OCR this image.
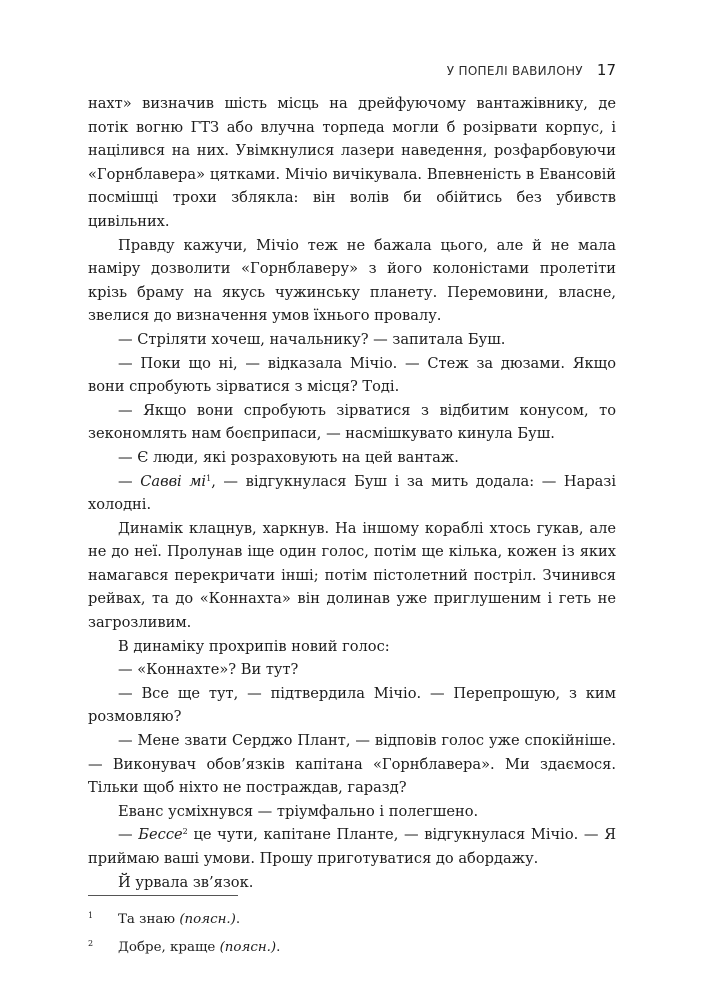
У ПОПЕЛІ ВАВИЛОНУ 17

нахт» визначив шість місць на дрейфуючому вантажівнику, де потік вогню ГТЗ або влучна торпеда могли б розірвати корпус, і націлився на них. Увімкнулися лазери наведення, розфарбовуючи «Горнблавера» цятками. Мічіо вичікувала. Впевненість в Евансовій посмішці трохи зблякла: він волів би обійтись без убивств цивільних.

Правду кажучи, Мічіо теж не бажала цього, але й не мала наміру дозволити «Горнблаверу» з його колоністами пролетіти крізь браму на якусь чужинську планету. Перемовини, власне, звелися до визначення умов їхнього провалу.

— Стріляти хочеш, начальнику? — запитала Буш.

— Поки що ні, — відказала Мічіо. — Стеж за дюзами. Якщо вони спробують зірватися з місця? Тоді.

— Якщо вони спробують зірватися з відбитим конусом, то зекономлять нам боєприпаси, — насмішкувато кинула Буш.

— Є люди, які розраховують на цей вантаж.

— Савві $мі^1$, — відгукнулася Буш і за мить додала: — Наразі холодні.

Динамік клацнув, харкнув. На іншому кораблі хтось гукав, але не до неї. Пролунав іще один голос, потім ще кілька, кожен із яких намагався перекричати інші; потім пістолетний постріл. Зчинився рейвах, та до «Коннахта» він долинав уже приглушеним і геть не загрозливим.

В динаміку прохрипів новий голос:

— «Коннахте»? Ви тут?

— Все ще тут, — підтвердила Мічіо. — Перепрошую, з ким розмовляю?

— Мене звати Серджо Плант, — відповів голос уже спокійніше. — Виконувач обов’язків капітана «Горнблавера». Ми здаємося. Тільки щоб ніхто не постраждав, гаразд?

Еванс усміхнувся — тріумфально і полегшено.

— Бессе$^2$ це чути, капітане Планте, — відгукнулася Мічіо. — Я приймаю ваші умови. Прошу приготуватися до абордажу.

Й урвала зв’язок.

1 Та знаю (поясн.).

2 Добре, краще (поясн.).
